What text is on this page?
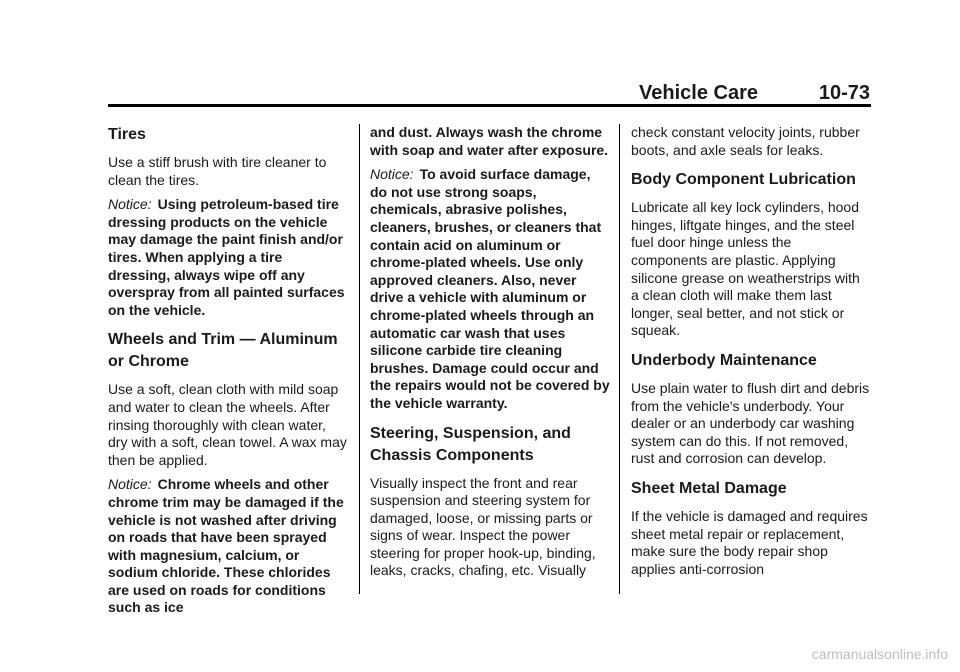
Vehicle Care	10-73
Tires

Use a stiff brush with tire cleaner to clean the tires.

Notice: Using petroleum-based tire dressing products on the vehicle may damage the paint finish and/or tires. When applying a tire dressing, always wipe off any overspray from all painted surfaces on the vehicle.

Wheels and Trim — Aluminum or Chrome

Use a soft, clean cloth with mild soap and water to clean the wheels. After rinsing thoroughly with clean water, dry with a soft, clean towel. A wax may then be applied.

Notice: Chrome wheels and other chrome trim may be damaged if the vehicle is not washed after driving on roads that have been sprayed with magnesium, calcium, or sodium chloride. These chlorides are used on roads for conditions such as ice

and dust. Always wash the chrome with soap and water after exposure.

Notice: To avoid surface damage, do not use strong soaps, chemicals, abrasive polishes, cleaners, brushes, or cleaners that contain acid on aluminum or chrome-plated wheels. Use only approved cleaners. Also, never drive a vehicle with aluminum or chrome-plated wheels through an automatic car wash that uses silicone carbide tire cleaning brushes. Damage could occur and the repairs would not be covered by the vehicle warranty.

Steering, Suspension, and Chassis Components

Visually inspect the front and rear suspension and steering system for damaged, loose, or missing parts or signs of wear. Inspect the power steering for proper hook-up, binding, leaks, cracks, chafing, etc. Visually

check constant velocity joints, rubber boots, and axle seals for leaks.

Body Component Lubrication

Lubricate all key lock cylinders, hood hinges, liftgate hinges, and the steel fuel door hinge unless the components are plastic. Applying silicone grease on weatherstrips with a clean cloth will make them last longer, seal better, and not stick or squeak.

Underbody Maintenance

Use plain water to flush dirt and debris from the vehicle's underbody. Your dealer or an underbody car washing system can do this. If not removed, rust and corrosion can develop.

Sheet Metal Damage

If the vehicle is damaged and requires sheet metal repair or replacement, make sure the body repair shop applies anti-corrosion

carmanualsonline.info
